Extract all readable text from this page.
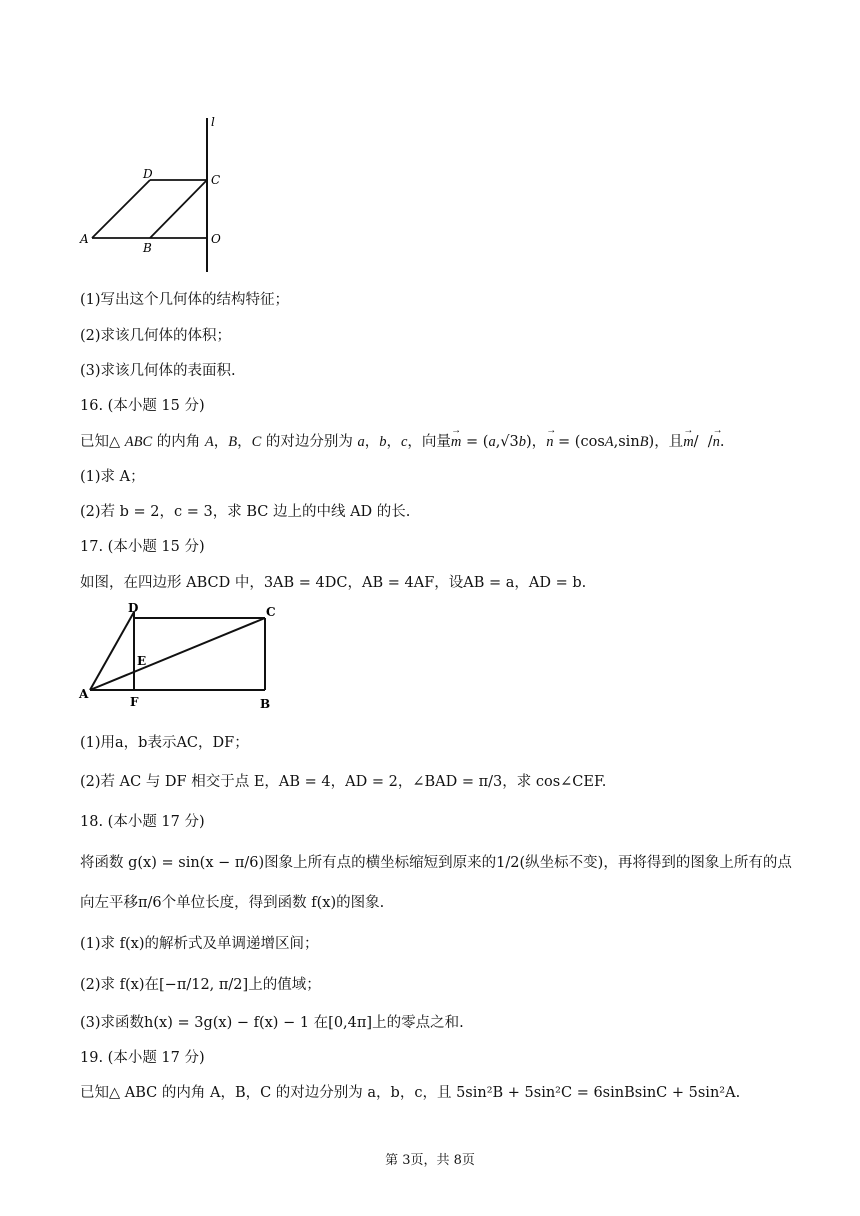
l
D	C
A
B
O
(1)写出这个几何体的结构特征；
(2)求该几何体的体积；
(3)求该几何体的表面积.
16. (本小题 15 分)
已知△ ABC 的内角 A，B，C 的对边分别为 a，b，c，向量→ m = (a,√3b)，→ n = (cosA,sinB)，且→ m/  /→ n.
(1)求 A；
(2)若 b = 2，c = 3，求 BC 边上的中线 AD 的长.
17. (本小题 15 分)
如图，在四边形 ABCD 中，3AB = 4DC，AB = 4AF，设AB = a，AD = b.
D	C
E
A
F	B
(1)用a，b表示AC，DF；
(2)若 AC 与 DF 相交于点 E，AB = 4，AD = 2，∠BAD = π/3，求 cos∠CEF.
18. (本小题 17 分)
将函数 g(x) = sin(x − π/6)图象上所有点的横坐标缩短到原来的1/2(纵坐标不变)，再将得到的图象上所有的点
向左平移π/6个单位长度，得到函数 f(x)的图象.
(1)求 f(x)的解析式及单调递增区间；
(2)求 f(x)在[−π/12, π/2]上的值域；
(3)求函数h(x) = 3g(x) − f(x) − 1 在[0,4π]上的零点之和.
19. (本小题 17 分)
已知△ ABC 的内角 A，B，C 的对边分别为 a，b，c，且 5sin²B + 5sin²C = 6sinBsinC + 5sin²A.
第 3页，共 8页
